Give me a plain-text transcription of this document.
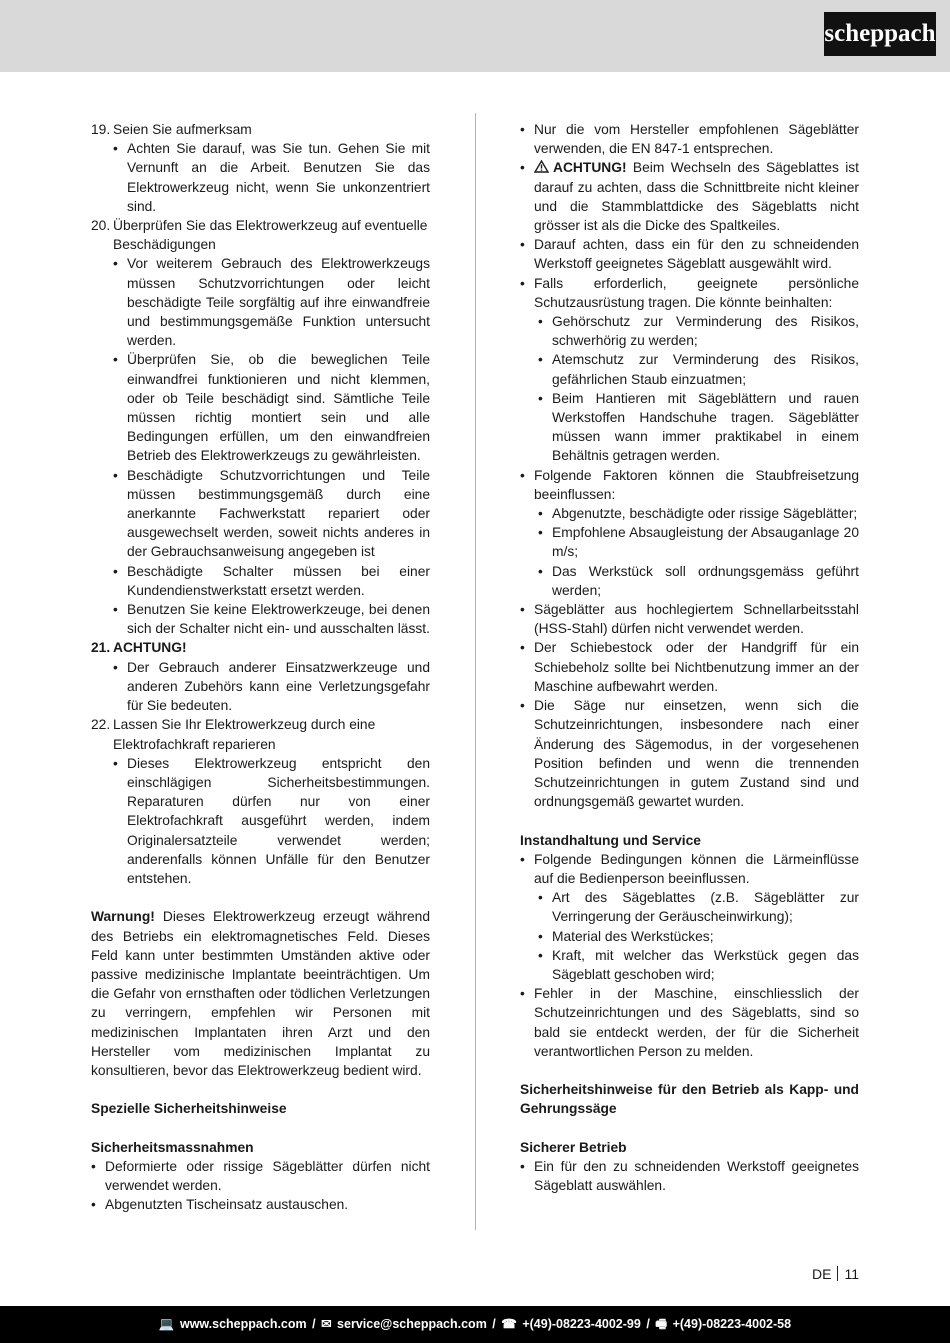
scheppach
19. Seien Sie aufmerksam
• Achten Sie darauf, was Sie tun. Gehen Sie mit Vernunft an die Arbeit. Benutzen Sie das Elektrowerkzeug nicht, wenn Sie unkonzentriert sind.
20. Überprüfen Sie das Elektrowerkzeug auf eventuelle Beschädigungen
• Vor weiterem Gebrauch des Elektrowerkzeugs müssen Schutzvorrichtungen oder leicht beschädigte Teile sorgfältig auf ihre einwandfreie und bestimmungsgemäße Funktion untersucht werden.
• Überprüfen Sie, ob die beweglichen Teile einwandfrei funktionieren und nicht klemmen, oder ob Teile beschädigt sind. Sämtliche Teile müssen richtig montiert sein und alle Bedingungen erfüllen, um den einwandfreien Betrieb des Elektrowerkzeugs zu gewährleisten.
• Beschädigte Schutzvorrichtungen und Teile müssen bestimmungsgemäß durch eine anerkannte Fachwerkstatt repariert oder ausgewechselt werden, soweit nichts anderes in der Gebrauchsanweisung angegeben ist
• Beschädigte Schalter müssen bei einer Kundendienstwerkstatt ersetzt werden.
• Benutzen Sie keine Elektrowerkzeuge, bei denen sich der Schalter nicht ein- und ausschalten lässt.
21. ACHTUNG!
• Der Gebrauch anderer Einsatzwerkzeuge und anderen Zubehörs kann eine Verletzungsgefahr für Sie bedeuten.
22. Lassen Sie Ihr Elektrowerkzeug durch eine Elektrofachkraft reparieren
• Dieses Elektrowerkzeug entspricht den einschlägigen Sicherheitsbestimmungen. Reparaturen dürfen nur von einer Elektrofachkraft ausgeführt werden, indem Originalersatzteile verwendet werden; anderenfalls können Unfälle für den Benutzer entstehen.

Warnung! Dieses Elektrowerkzeug erzeugt während des Betriebs ein elektromagnetisches Feld. Dieses Feld kann unter bestimmten Umständen aktive oder passive medizinische Implantate beeinträchtigen. Um die Gefahr von ernsthaften oder tödlichen Verletzungen zu verringern, empfehlen wir Personen mit medizinischen Implantaten ihren Arzt und den Hersteller vom medizinischen Implantat zu konsultieren, bevor das Elektrowerkzeug bedient wird.

Spezielle Sicherheitshinweise

Sicherheitsmassnahmen

• Deformierte oder rissige Sägeblätter dürfen nicht verwendet werden.
• Abgenutzten Tischeinsatz austauschen.
• Nur die vom Hersteller empfohlenen Sägeblätter verwenden, die EN 847-1 entsprechen.
•	ACHTUNG! Beim Wechseln des Sägeblattes ist darauf zu achten, dass die Schnittbreite nicht kleiner und die Stammblattdicke des Sägeblatts nicht grösser ist als die Dicke des Spaltkeiles.
• Darauf achten, dass ein für den zu schneidenden Werkstoff geeignetes Sägeblatt ausgewählt wird.
• Falls erforderlich, geeignete persönliche Schutzausrüstung tragen. Die könnte beinhalten:
• Gehörschutz zur Verminderung des Risikos, schwerhörig zu werden;
• Atemschutz zur Verminderung des Risikos, gefährlichen Staub einzuatmen;
• Beim Hantieren mit Sägeblättern und rauen Werkstoffen Handschuhe tragen. Sägeblätter müssen wann immer praktikabel in einem Behältnis getragen werden.
• Folgende Faktoren können die Staubfreisetzung beeinflussen:
• Abgenutzte, beschädigte oder rissige Sägeblätter;
• Empfohlene Absaugleistung der Absauganlage 20 m/s;
• Das Werkstück soll ordnungsgemäss geführt werden;
• Sägeblätter aus hochlegiertem Schnellarbeitsstahl (HSS-Stahl) dürfen nicht verwendet werden.
• Der Schiebestock oder der Handgriff für ein Schiebeholz sollte bei Nichtbenutzung immer an der Maschine aufbewahrt werden.
• Die Säge nur einsetzen, wenn sich die Schutzeinrichtungen, insbesondere nach einer Änderung des Sägemodus, in der vorgesehenen Position befinden und wenn die trennenden Schutzeinrichtungen in gutem Zustand sind und ordnungsgemäß gewartet wurden.

Instandhaltung und Service

• Folgende Bedingungen können die Lärmeinflüsse auf die Bedienperson beeinflussen.
• Art des Sägeblattes (z.B. Sägeblätter zur Verringerung der Geräuscheinwirkung);
• Material des Werkstückes;
• Kraft, mit welcher das Werkstück gegen das Sägeblatt geschoben wird;
• Fehler in der Maschine, einschliesslich der Schutzeinrichtungen und des Sägeblatts, sind so bald sie entdeckt werden, der für die Sicherheit verantwortlichen Person zu melden.

Sicherheitshinweise für den Betrieb als Kapp- und Gehrungssäge

Sicherer Betrieb

• Ein für den zu schneidenden Werkstoff geeignetes Sägeblatt auswählen.
DE 11
💻 www.scheppach.com / ✉ service@scheppach.com / ☎ +(49)-08223-4002-99 / 🖷 +(49)-08223-4002-58
